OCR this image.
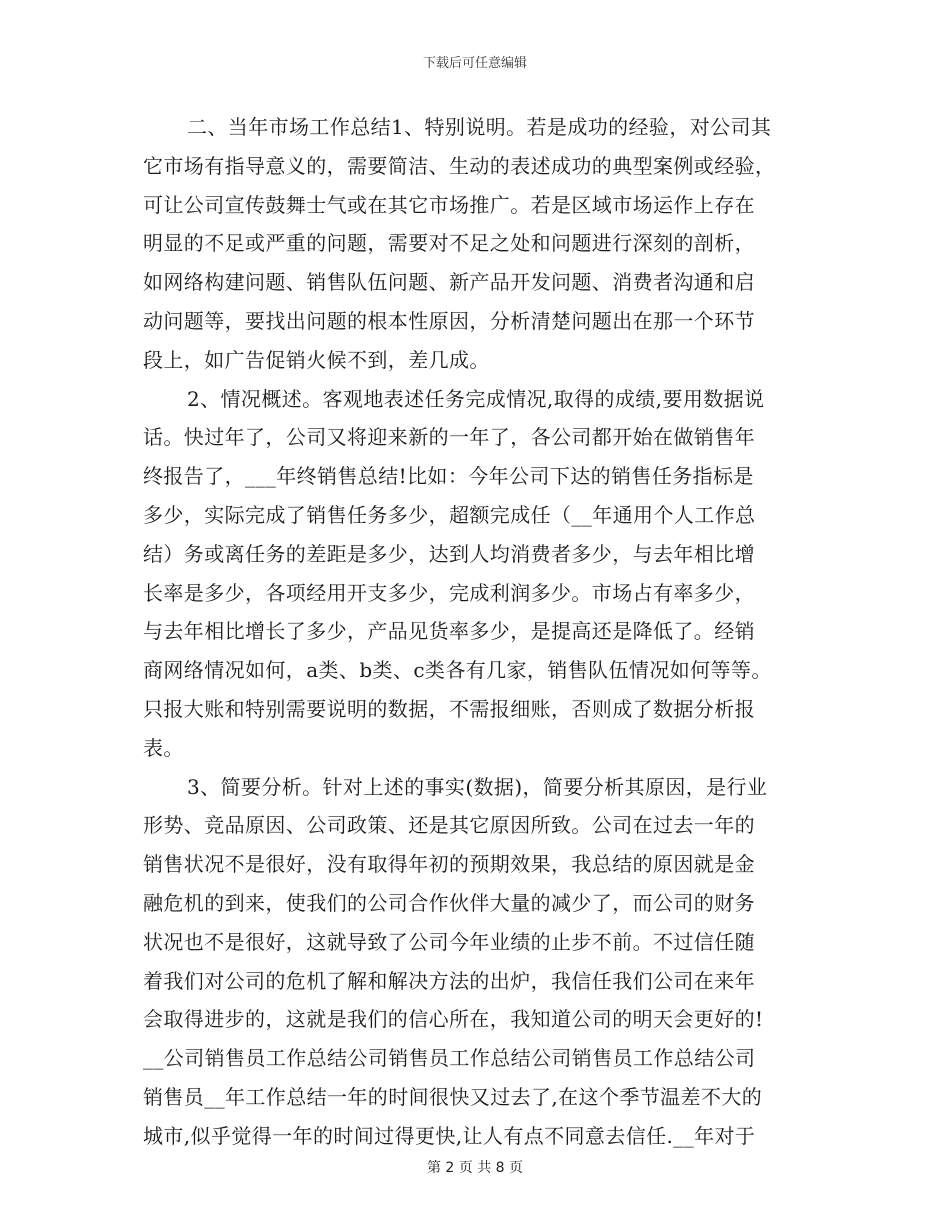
下载后可任意编辑
二、当年市场工作总结1、特别说明。若是成功的经验，对公司其
它市场有指导意义的，需要简洁、生动的表述成功的典型案例或经验，
可让公司宣传鼓舞士气或在其它市场推广。若是区域市场运作上存在
明显的不足或严重的问题，需要对不足之处和问题进行深刻的剖析，
如网络构建问题、销售队伍问题、新产品开发问题、消费者沟通和启
动问题等，要找出问题的根本性原因，分析清楚问题出在那一个环节
段上，如广告促销火候不到，差几成。
2、情况概述。客观地表述任务完成情况,取得的成绩,要用数据说
话。快过年了，公司又将迎来新的一年了，各公司都开始在做销售年
终报告了，___年终销售总结!比如：今年公司下达的销售任务指标是
多少，实际完成了销售任务多少，超额完成任（__年通用个人工作总
结）务或离任务的差距是多少，达到人均消费者多少，与去年相比增
长率是多少，各项经用开支多少，完成利润多少。市场占有率多少，
与去年相比增长了多少，产品见货率多少，是提高还是降低了。经销
商网络情况如何，a类、b类、c类各有几家，销售队伍情况如何等等。
只报大账和特别需要说明的数据，不需报细账，否则成了数据分析报
表。
3、简要分析。针对上述的事实(数据)，简要分析其原因，是行业
形势、竞品原因、公司政策、还是其它原因所致。公司在过去一年的
销售状况不是很好，没有取得年初的预期效果，我总结的原因就是金
融危机的到来，使我们的公司合作伙伴大量的减少了，而公司的财务
状况也不是很好，这就导致了公司今年业绩的止步不前。不过信任随
着我们对公司的危机了解和解决方法的出炉，我信任我们公司在来年
会取得进步的，这就是我们的信心所在，我知道公司的明天会更好的!
__公司销售员工作总结公司销售员工作总结公司销售员工作总结公司
销售员__年工作总结一年的时间很快又过去了,在这个季节温差不大的
城市,似乎觉得一年的时间过得更快,让人有点不同意去信任.__年对于
第 2 页 共 8 页
